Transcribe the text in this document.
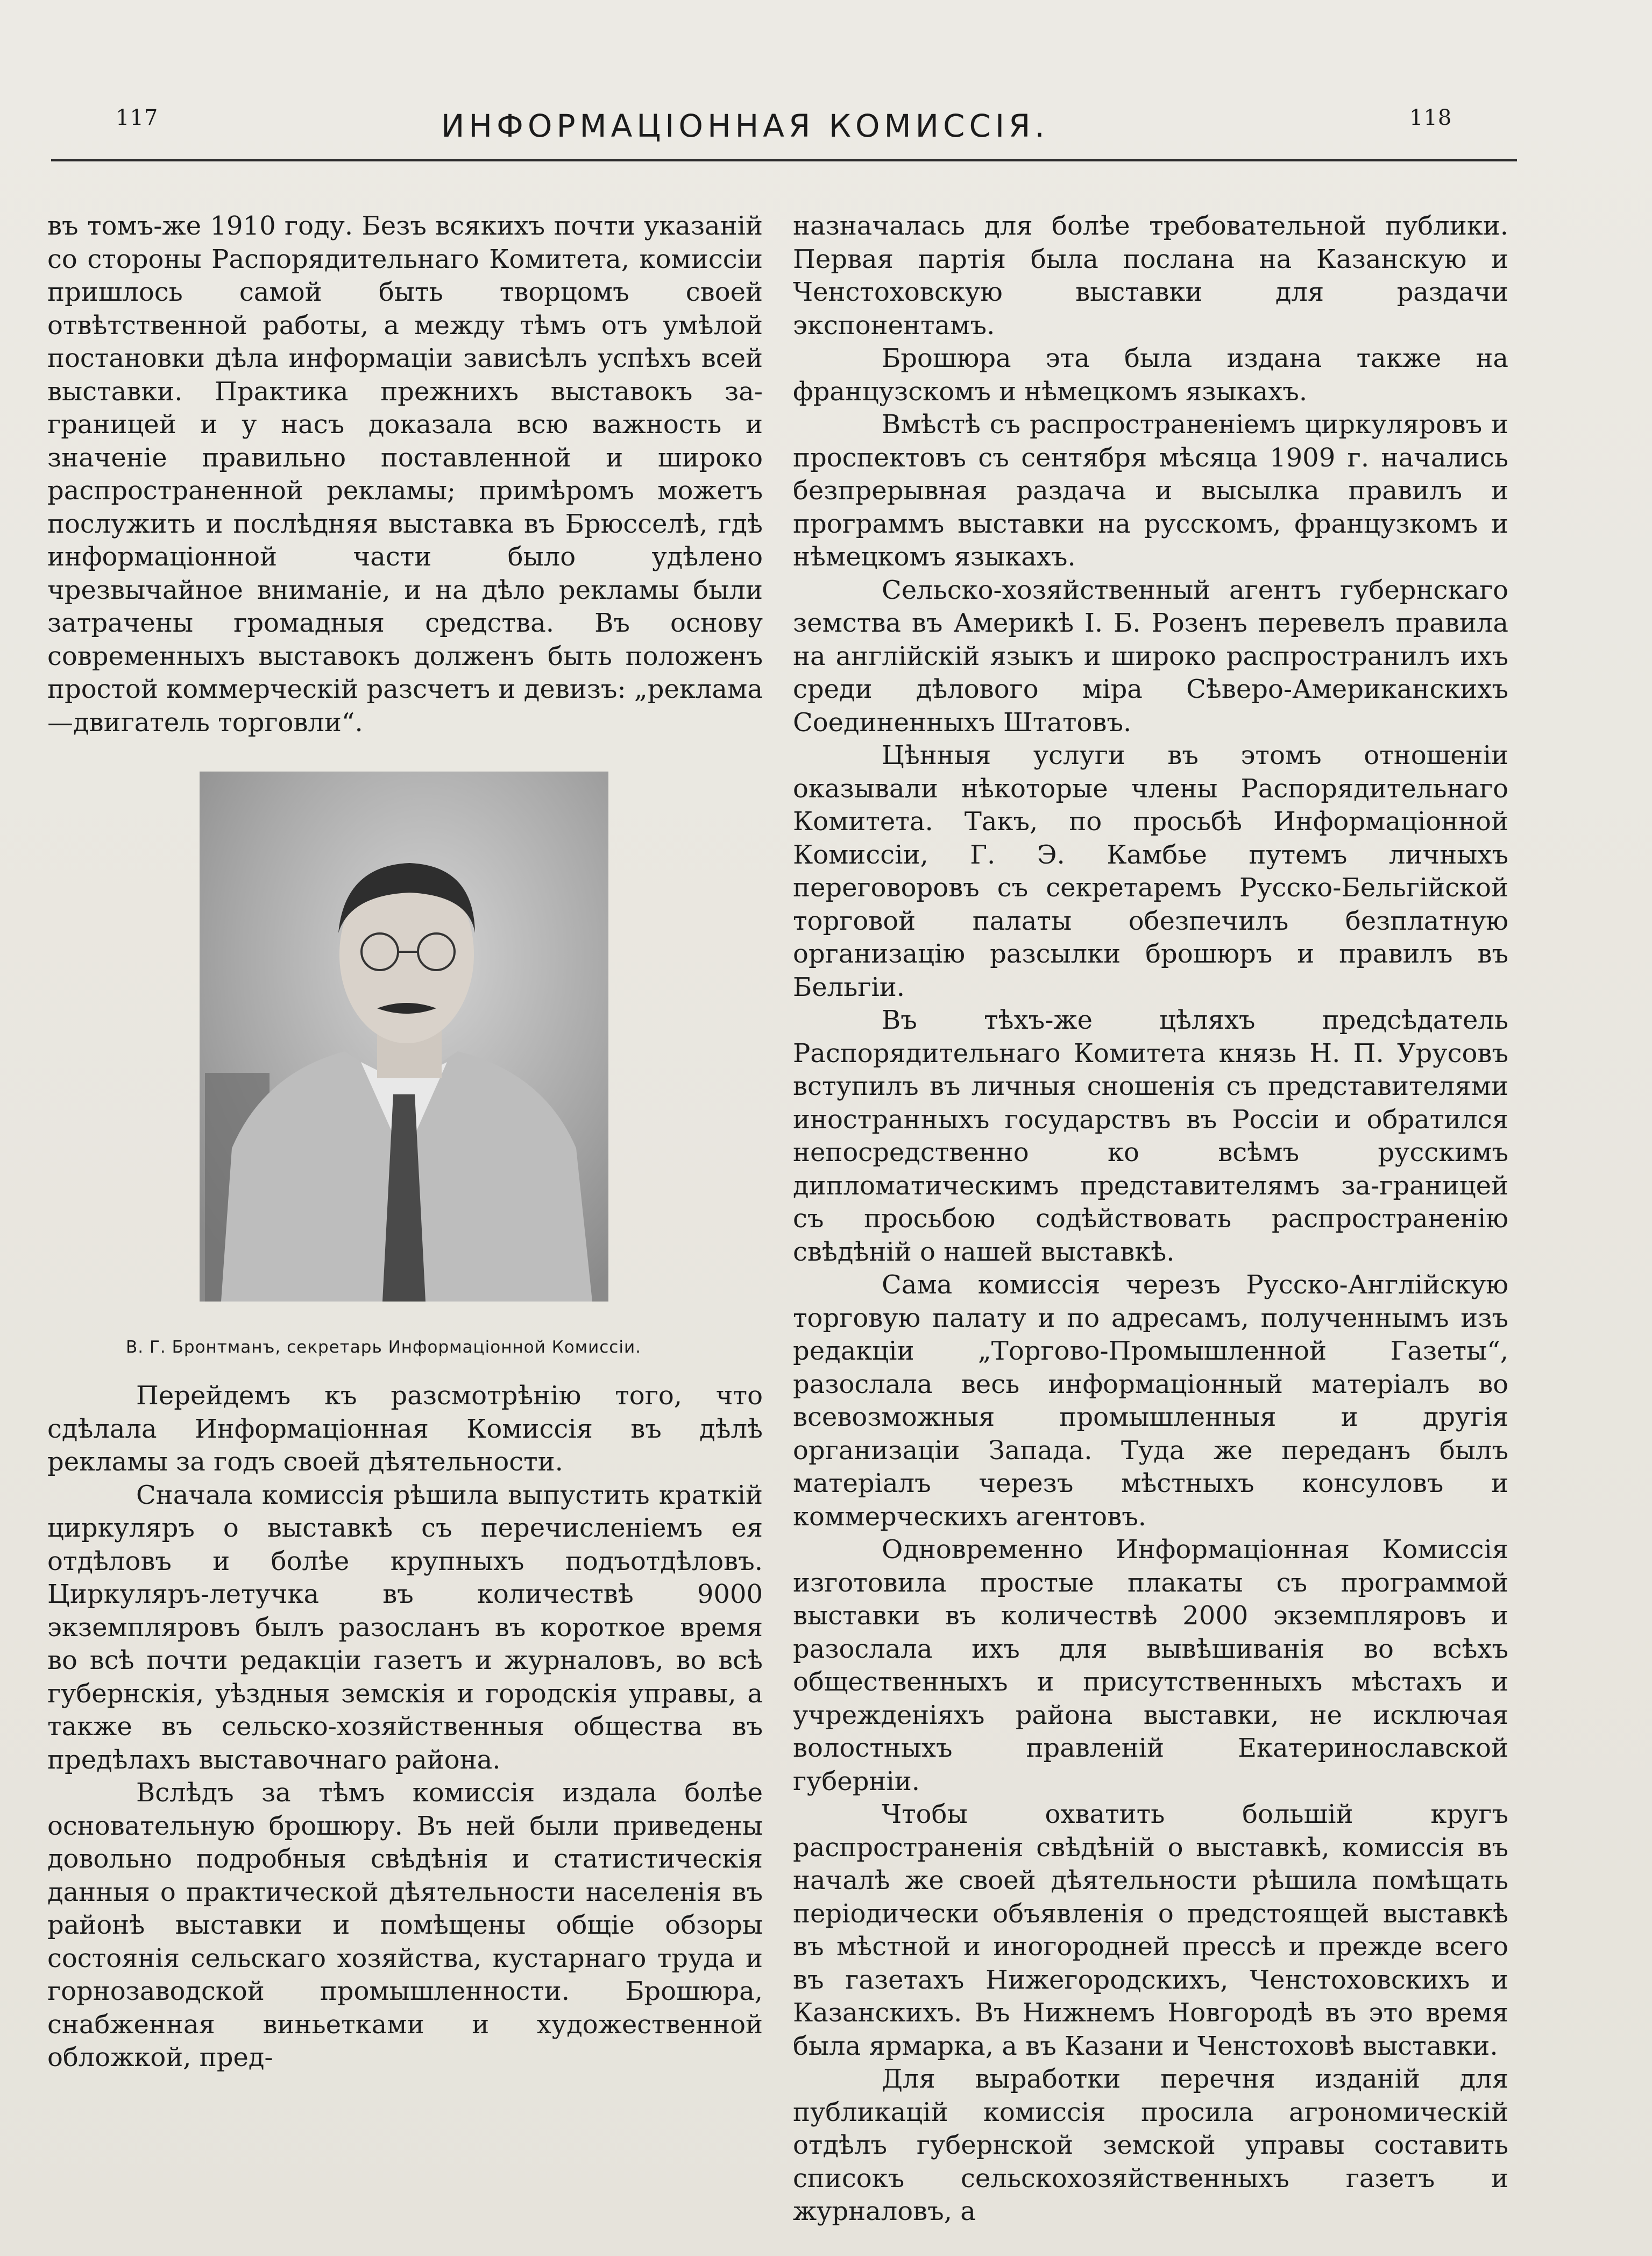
117	ИНФОРМАЦІОННАЯ КОМИССІЯ.	118

въ томъ-же 1910 году. Безъ всякихъ почти указаній со стороны Распорядительнаго Комитета, комиссіи пришлось самой быть творцомъ своей отвѣтственной работы, а между тѣмъ отъ умѣлой постановки дѣла информаціи зависѣлъ успѣхъ всей выставки. Практика прежнихъ выставокъ за-границей и у насъ доказала всю важность и значеніе правильно поставленной и широко распространенной рекламы; примѣромъ можетъ послужить и послѣдняя выставка въ Брюсселѣ, гдѣ информаціонной части было удѣлено чрезвычайное вниманіе, и на дѣло рекламы были затрачены громадныя средства. Въ основу современныхъ выставокъ долженъ быть положенъ простой коммерческій разсчетъ и девизъ: „реклама—двигатель торговли“.

В. Г. Бронтманъ, секретарь Информаціонной Комиссіи.

Перейдемъ къ разсмотрѣнію того, что сдѣлала Информаціонная Комиссія въ дѣлѣ рекламы за годъ своей дѣятельности.

Сначала комиссія рѣшила выпустить краткій циркуляръ о выставкѣ съ перечисленіемъ ея отдѣловъ и болѣе крупныхъ подъотдѣловъ. Циркуляръ-летучка въ количествѣ 9000 экземпляровъ былъ разосланъ въ короткое время во всѣ почти редакціи газетъ и журналовъ, во всѣ губернскія, уѣздныя земскія и городскія управы, а также въ сельско-хозяйственныя общества въ предѣлахъ выставочнаго района.

Вслѣдъ за тѣмъ комиссія издала болѣе основательную брошюру. Въ ней были приведены довольно подробныя свѣдѣнія и статистическія данныя о практической дѣятельности населенія въ районѣ выставки и помѣщены общіе обзоры состоянія сельскаго хозяйства, кустарнаго труда и горнозаводской промышленности. Брошюра, снабженная виньетками и художественной обложкой, пред-

назначалась для болѣе требовательной публики. Первая партія была послана на Казанскую и Ченстоховскую выставки для раздачи экспонентамъ.

Брошюра эта была издана также на французскомъ и нѣмецкомъ языкахъ.

Вмѣстѣ съ распространеніемъ циркуляровъ и проспектовъ съ сентября мѣсяца 1909 г. начались безпрерывная раздача и высылка правилъ и программъ выставки на русскомъ, французкомъ и нѣмецкомъ языкахъ.

Сельско-хозяйственный агентъ губернскаго земства въ Америкѣ І. Б. Розенъ перевелъ правила на англійскій языкъ и широко распространилъ ихъ среди дѣлового міра Сѣверо-Американскихъ Соединенныхъ Штатовъ.

Цѣнныя услуги въ этомъ отношеніи оказывали нѣкоторые члены Распорядительнаго Комитета. Такъ, по просьбѣ Информаціонной Комиссіи, Г. Э. Камбье путемъ личныхъ переговоровъ съ секретаремъ Русско-Бельгійской торговой палаты обезпечилъ безплатную организацію разсылки брошюръ и правилъ въ Бельгіи.

Въ тѣхъ-же цѣляхъ предсѣдатель Распорядительнаго Комитета князь Н. П. Урусовъ вступилъ въ личныя сношенія съ представителями иностранныхъ государствъ въ Россіи и обратился непосредственно ко всѣмъ русскимъ дипломатическимъ представителямъ за-границей съ просьбою содѣйствовать распространенію свѣдѣній о нашей выставкѣ.

Сама комиссія черезъ Русско-Англійскую торговую палату и по адресамъ, полученнымъ изъ редакціи „Торгово-Промышленной Газеты“, разослала весь информаціонный матеріалъ во всевозможныя промышленныя и другія организаціи Запада. Туда же переданъ былъ матеріалъ черезъ мѣстныхъ консуловъ и коммерческихъ агентовъ.

Одновременно Информаціонная Комиссія изготовила простые плакаты съ программой выставки въ количествѣ 2000 экземпляровъ и разослала ихъ для вывѣшиванія во всѣхъ общественныхъ и присутственныхъ мѣстахъ и учрежденіяхъ района выставки, не исключая волостныхъ правленій Екатеринославской губерніи.

Чтобы охватить большій кругъ распространенія свѣдѣній о выставкѣ, комиссія въ началѣ же своей дѣятельности рѣшила помѣщать періодически объявленія о предстоящей выставкѣ въ мѣстной и иногородней прессѣ и прежде всего въ газетахъ Нижегородскихъ, Ченстоховскихъ и Казанскихъ. Въ Нижнемъ Новгородѣ въ это время была ярмарка, а въ Казани и Ченстоховѣ выставки.

Для выработки перечня изданій для публикацій комиссія просила агрономическій отдѣлъ губернской земской управы составить списокъ сельскохозяйственныхъ газетъ и журналовъ, а
